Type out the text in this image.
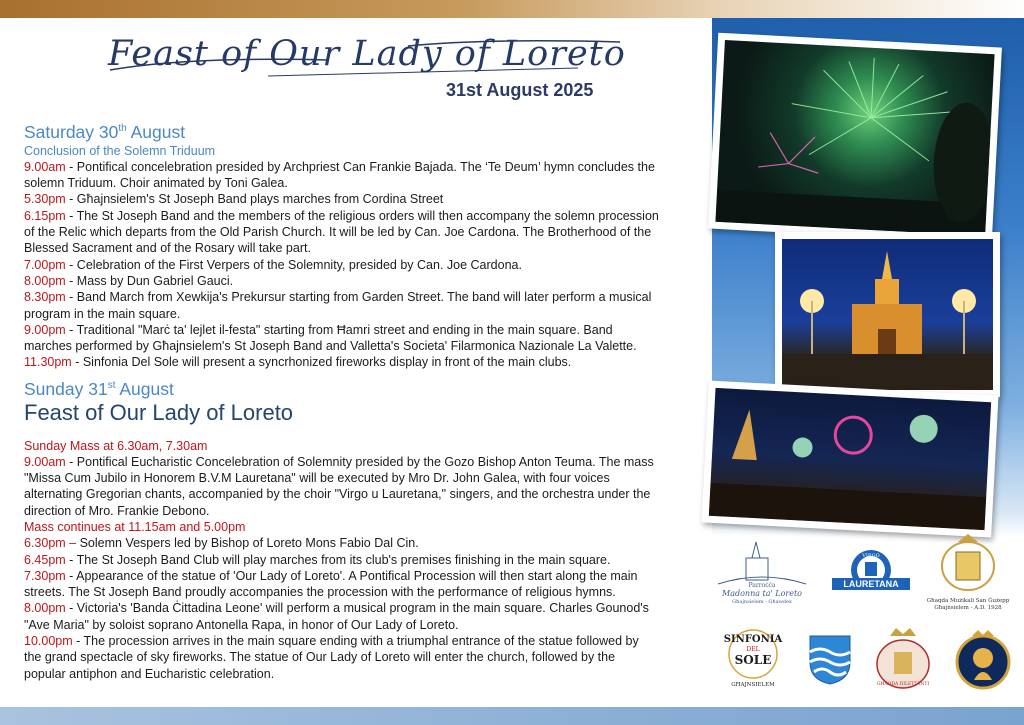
Feast of Our Lady of Loreto
31st August 2025
Saturday 30th August
Conclusion of the Solemn Triduum
9.00am - Pontifical concelebration presided by Archpriest Can Frankie Bajada. The ‘Te Deum’ hymn concludes the
solemn Triduum. Choir animated by Toni Galea.
5.30pm - Għajnsielem's St Joseph Band plays marches from Cordina Street
6.15pm - The St Joseph Band and the members of the religious orders will then accompany the solemn procession
of the Relic which departs from the Old Parish Church. It will be led by Can. Joe Cardona. The Brotherhood of the
Blessed Sacrament and of the Rosary will take part.
7.00pm - Celebration of the First Verpers of the Solemnity, presided by Can. Joe Cardona.
8.00pm - Mass by Dun Gabriel Gauci.
8.30pm - Band March from Xewkija's Prekursur starting from Garden Street. The band will later perform a musical
program in the main square.
9.00pm - Traditional "Marċ ta' lejlet il-festa" starting from Ħamri street and ending in the main square. Band
marches performed by Għajnsielem's St Joseph Band and Valletta's Societa' Filarmonica Nazionale La Valette.
11.30pm - Sinfonia Del Sole will present a syncrhonized fireworks display in front of the main clubs.
Sunday 31st August
Feast of Our Lady of Loreto
Sunday Mass at 6.30am, 7.30am
9.00am - Pontifical Eucharistic Concelebration of Solemnity presided by the Gozo Bishop Anton Teuma. The mass
"Missa Cum Jubilo in Honorem B.V.M Lauretana" will be executed by Mro Dr. John Galea, with four voices
alternating Gregorian chants, accompanied by the choir "Virgo u Lauretana," singers, and the orchestra under the
direction of Mro. Frankie Debono.
Mass continues at 11.15am and 5.00pm
6.30pm – Solemn Vespers led by Bishop of Loreto Mons Fabio Dal Cin.
6.45pm - The St Joseph Band Club will play marches from its club's premises finishing in the main square.
7.30pm - Appearance of the statue of 'Our Lady of Loreto'. A Pontifical Procession will then start along the main
streets. The St Joseph Band proudly accompanies the procession with the performance of religious hymns.
8.00pm - Victoria's 'Banda Ċittadina Leone' will perform a musical program in the main square. Charles Gounod's
"Ave Maria" by soloist soprano Antonella Rapa, in honor of Our Lady of Loreto.
10.00pm - The procession arrives in the main square ending with a triumphal entrance of the statue followed by
the grand spectacle of sky fireworks. The statue of Our Lady of Loreto will enter the church, followed by the
popular antiphon and Eucharistic celebration.
Parroċċa
Madonna ta' Loreto
Għajnsielem - Għawdex
VIRGO
LAURETANA
Għaqda Mużikali San Ġużepp
Għajnsielem - A.D. 1928
SINFONIA
DEL
SOLE
GĦAJNSIELEM	GĦAQDA DILETTANTI
